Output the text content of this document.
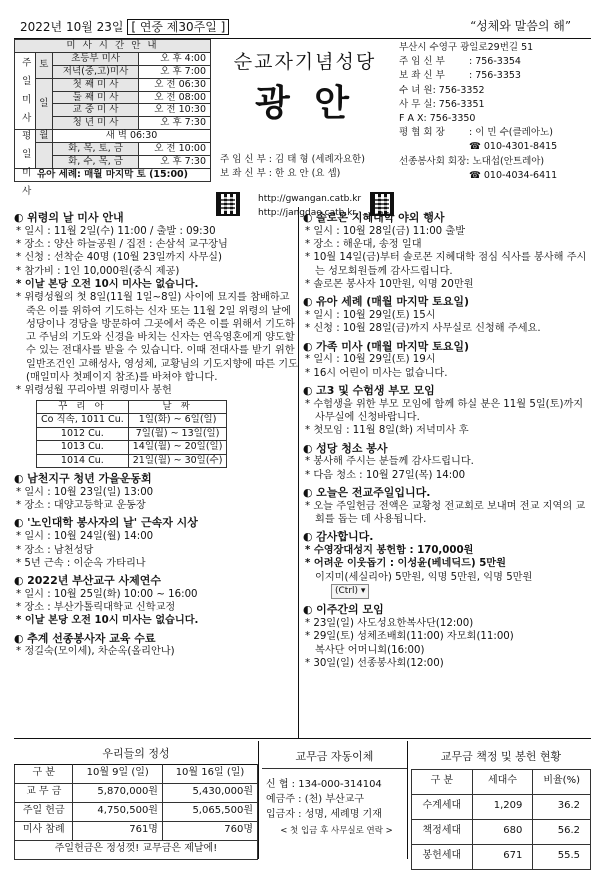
2022년 10월 23일 [ 연중 제30주일 ]	“성체와 말씀의 해”
미 사 시 간 안 내			
주 일 미 사	토	초등부 미사	오 후 4:00
		저녁(중,고)미사	오 후 7:00
	일	첫 째 미 사	오 전 06:30
		둘 째 미 사	오 전 08:00
		교 중 미 사	오 전 10:30
		청 년 미 사	오 후 7:30
평 일 미 사	월	새 벽 06:30	
		화, 목, 토, 금	오 전 10:00
		화, 수, 목, 금	오 후 7:30
유아 세례: 매월 마지막 토 (15:00)			
순교자기념성당
광 안
주 임 신 부 : 김 태 형 (세례자요한)
보 좌 신 부 : 한 요 안 (요 셉)
http://gwangan.catb.kr
http://jangdae.catb.kr
부산시 수영구 광일로29번길 51
주 임 신 부	: 756-3354
보 좌 신 부	: 756-3353
수 녀 원: 756-3352
사 무 실: 756-3351
F A X: 756-3350
평 협 회 장	: 이 민 수(클레아노)
☎ 010-4301-8415
선종봉사회 회장: 노대섭(안트레아)
☎ 010-4034-6411
◐ 위령의 날 미사 안내
* 일시 : 11월 2일(수) 11:00 / 출발 : 09:30
* 장소 : 양산 하늘공원 / 집전 : 손삼석 교구장님
* 신청 : 선착순 40명 (10월 23일까지 사무실)
* 참가비 : 1인 10,000원(중식 제공)
* 이날 본당 오전 10시 미사는 없습니다.
* 위령성월의 첫 8일(11월 1일~8일) 사이에 묘지를 참배하고 죽은 이를 위하여 기도하는 신자 또는 11월 2일 위령의 날에 성당이나 경당을 방문하여 그곳에서 죽은 이를 위해서 기도하고 주님의 기도와 신경을 바치는 신자는 연옥영혼에게 양도할 수 있는 전대사를 받을 수 있습니다. 이때 전대사를 받기 위한 일반조건인 고해성사, 영성체, 교황님의 기도지향에 따른 기도(매일미사 첫페이지 참조)를 바쳐야 합니다.
* 위령성월 꾸리아별 위령미사 봉헌
꾸 리 아	날 짜
Co 직속, 1011 Cu.	1일(화) ~ 6일(일)
1012 Cu.	7일(월) ~ 13일(일)
1013 Cu.	14일(월) ~ 20일(일)
1014 Cu.	21일(월) ~ 30일(수)
◐ 남천지구 청년 가을운동회
* 일시 : 10월 23일(일) 13:00
* 장소 : 대양고등학교 운동장
◐ '노인대학 봉사자의 날' 근속자 시상
* 일시 : 10월 24일(월) 14:00
* 장소 : 남천성당
* 5년 근속 : 이순옥 가타리나
◐ 2022년 부산교구 사제연수
* 일시 : 10월 25일(화) 10:00 ~ 16:00
* 장소 : 부산가톨릭대학교 신학교정
* 이날 본당 오전 10시 미사는 없습니다.
◐ 추계 선종봉사자 교육 수료
* 정길숙(모이세), 차순옥(올리안나)
◐ 솔로몬 지혜대학 야외 행사
* 일시 : 10월 28일(금) 11:00 출발
* 장소 : 해운대, 송정 일대
* 10월 14일(금)부터 솔로몬 지혜대학 점심 식사를 봉사해 주시는 성모회원들께 감사드립니다.
* 솔로몬 봉사자 10만원, 익명 20만원
◐ 유아 세례 (매월 마지막 토요일)
* 일시 : 10월 29일(토) 15시
* 신청 : 10월 28일(금)까지 사무실로 신청해 주세요.
◐ 가족 미사 (매월 마지막 토요일)
* 일시 : 10월 29일(토) 19시
* 16시 어린이 미사는 없습니다.
◐ 고3 및 수험생 부모 모임
* 수험생을 위한 부모 모임에 함께 하실 분은 11월 5일(토)까지 사무실에 신청바랍니다.
* 첫모임 : 11월 8일(화) 저녁미사 후
◐ 성당 청소 봉사
* 봉사해 주시는 분들께 감사드립니다.
* 다음 청소 : 10월 27일(목) 14:00
◐ 오늘은 전교주일입니다.
* 오늘 주일헌금 전액은 교황청 전교회로 보내며 전교 지역의 교회를 돕는 데 사용됩니다.
◐ 감사합니다.
* 수영장대성지 봉헌함 : 170,000원
* 어려운 이웃돕기 : 이성윤(베네딕드) 5만원
이지미(세실리아) 5만원, 익명 5만원, 익명 5만원
(Ctrl) ▾
◐ 이주간의 모임
* 23일(일) 사도성요한복사단(12:00)
* 29일(토) 성체조배회(11:00) 자모회(11:00)
복사단 어머니회(16:00)
* 30일(일) 선종봉사회(12:00)
우리들의 정성		
구 분	10월 9일 (일)	10월 16일 (일)
교 무 금	5,870,000원	5,430,000원
주일 헌금	4,750,500원	5,065,500원
미사 참례	761명	760명
주일헌금은 정성껏! 교무금은 제날에!		
교무금 자동이체
신 협 : 134-000-314104
예금주 : (천) 부산교구
입금자 : 성명, 세례명 기재
< 첫 입금 후 사무실로 연락 >
교무금 책정 및 봉헌 현황		
구 분	세대수	비율(%)
수계세대	1,209	36.2
책정세대	680	56.2
봉헌세대	671	55.5
